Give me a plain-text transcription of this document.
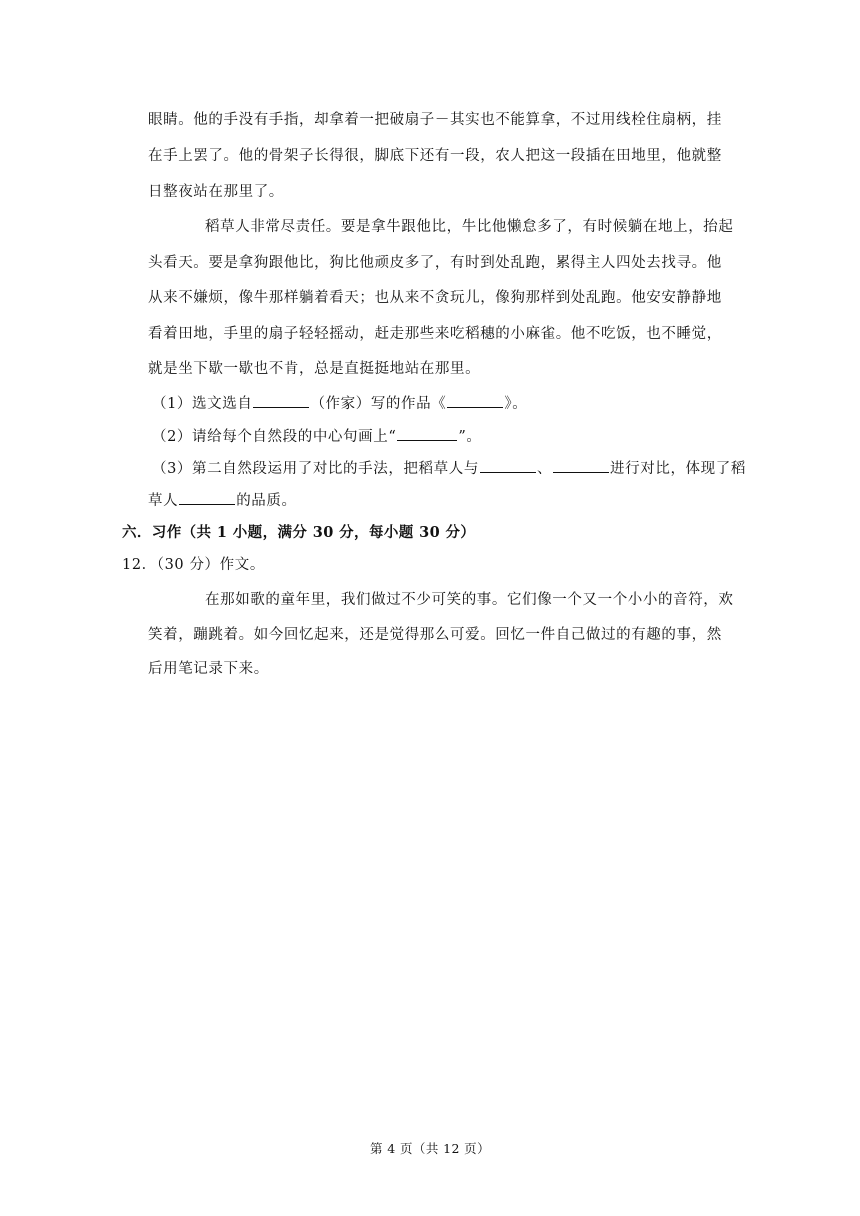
眼睛。他的手没有手指，却拿着一把破扇子－其实也不能算拿，不过用线栓住扇柄，挂
在手上罢了。他的骨架子长得很，脚底下还有一段，农人把这一段插在田地里，他就整
日整夜站在那里了。
稻草人非常尽责任。要是拿牛跟他比，牛比他懒怠多了，有时候躺在地上，抬起
头看天。要是拿狗跟他比，狗比他顽皮多了，有时到处乱跑，累得主人四处去找寻。他
从来不嫌烦，像牛那样躺着看天；也从来不贪玩儿，像狗那样到处乱跑。他安安静静地
看着田地，手里的扇子轻轻摇动，赶走那些来吃稻穗的小麻雀。他不吃饭，也不睡觉，
就是坐下歇一歇也不肯，总是直挺挺地站在那里。
（1）选文选自	（作家）写的作品《	》。
（2）请给每个自然段的中心句画上“	”。
（3）第二自然段运用了对比的手法，把稻草人与	、	进行对比，体现了稻
草人	的品质。
六．习作（共 1 小题，满分 30 分，每小题 30 分）
12．（30 分）作文。
在那如歌的童年里，我们做过不少可笑的事。它们像一个又一个小小的音符，欢
笑着，蹦跳着。如今回忆起来，还是觉得那么可爱。回忆一件自己做过的有趣的事，然
后用笔记录下来。
第 4 页（共 12 页）
